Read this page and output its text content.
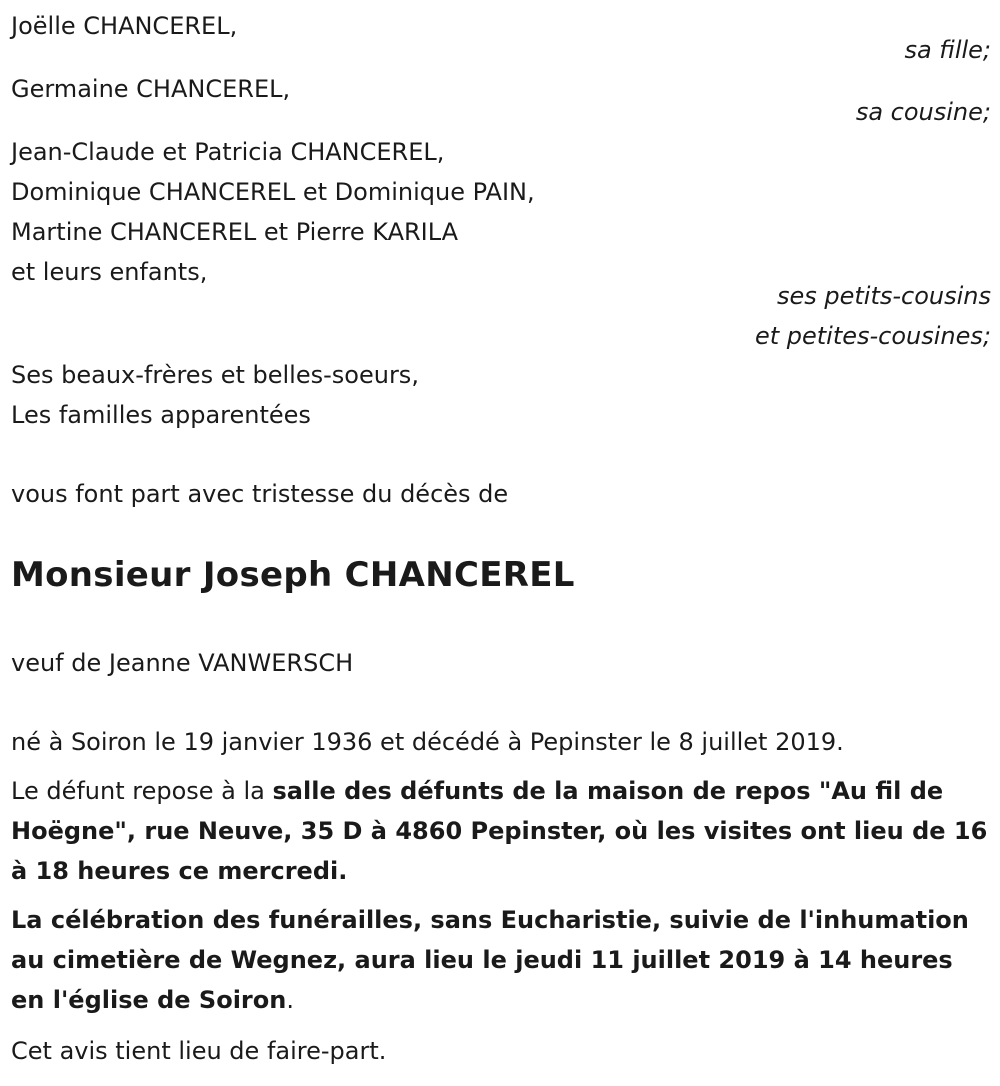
Joëlle CHANCEREL,
sa fille;
Germaine CHANCEREL,
sa cousine;
Jean-Claude et Patricia CHANCEREL,
Dominique CHANCEREL et Dominique PAIN,
Martine CHANCEREL et Pierre KARILA
et leurs enfants,
ses petits-cousins
et petites-cousines;
Ses beaux-frères et belles-soeurs,
Les familles apparentées
vous font part avec tristesse du décès de
Monsieur Joseph CHANCEREL
veuf de Jeanne VANWERSCH
né à Soiron le 19 janvier 1936 et décédé à Pepinster le 8 juillet 2019.
Le défunt repose à la salle des défunts de la maison de repos "Au fil de Hoëgne", rue Neuve, 35 D à 4860 Pepinster, où les visites ont lieu de 16 à 18 heures ce mercredi.
La célébration des funérailles, sans Eucharistie, suivie de l'inhumation au cimetière de Wegnez, aura lieu le jeudi 11 juillet 2019 à 14 heures en l'église de Soiron.
Cet avis tient lieu de faire-part.
